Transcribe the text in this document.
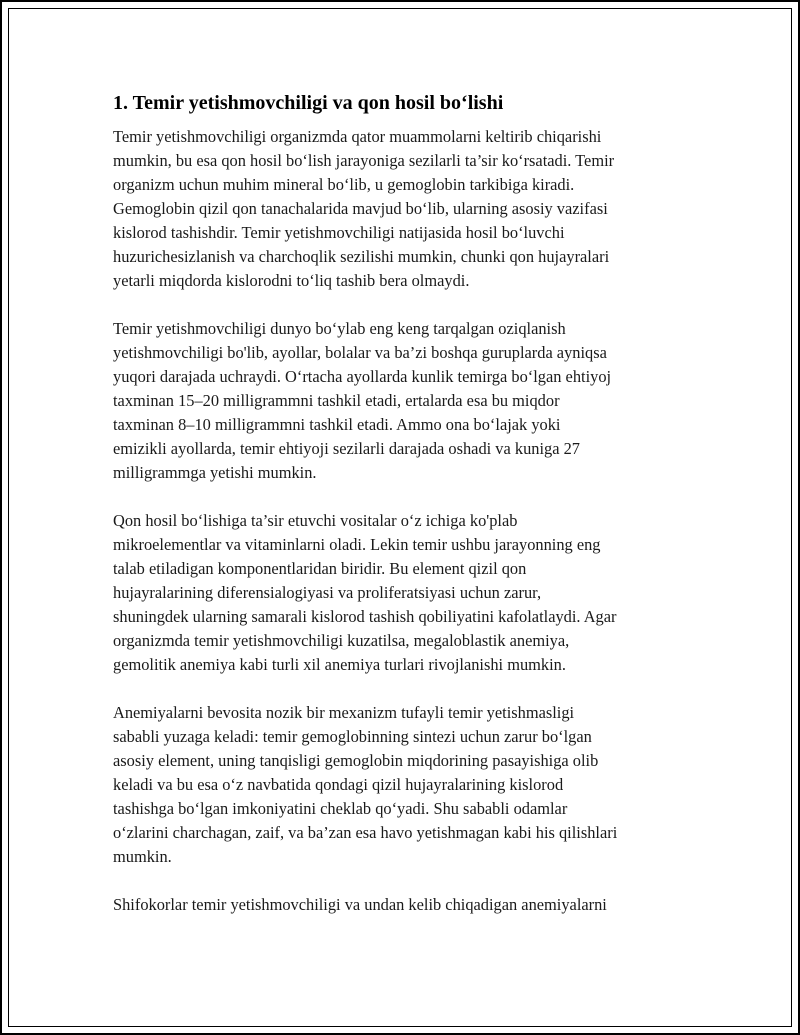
1. Temir yetishmovchiligi va qon hosil bo‘lishi

Temir yetishmovchiligi organizmda qator muammolarni keltirib chiqarishi
mumkin, bu esa qon hosil bo‘lish jarayoniga sezilarli ta’sir ko‘rsatadi. Temir
organizm uchun muhim mineral bo‘lib, u gemoglobin tarkibiga kiradi.
Gemoglobin qizil qon tanachalarida mavjud bo‘lib, ularning asosiy vazifasi
kislorod tashishdir. Temir yetishmovchiligi natijasida hosil bo‘luvchi
huzurichesizlanish va charchoqlik sezilishi mumkin, chunki qon hujayralari
yetarli miqdorda kislorodni to‘liq tashib bera olmaydi.

Temir yetishmovchiligi dunyo bo‘ylab eng keng tarqalgan oziqlanish
yetishmovchiligi bo'lib, ayollar, bolalar va ba’zi boshqa guruplarda ayniqsa
yuqori darajada uchraydi. O‘rtacha ayollarda kunlik temirga bo‘lgan ehtiyoj
taxminan 15–20 milligrammni tashkil etadi, ertalarda esa bu miqdor
taxminan 8–10 milligrammni tashkil etadi. Ammo ona bo‘lajak yoki
emizikli ayollarda, temir ehtiyoji sezilarli darajada oshadi va kuniga 27
milligrammga yetishi mumkin.

Qon hosil bo‘lishiga ta’sir etuvchi vositalar o‘z ichiga ko'plab
mikroelementlar va vitaminlarni oladi. Lekin temir ushbu jarayonning eng
talab etiladigan komponentlaridan biridir. Bu element qizil qon
hujayralarining diferensialogiyasi va proliferatsiyasi uchun zarur,
shuningdek ularning samarali kislorod tashish qobiliyatini kafolatlaydi. Agar
organizmda temir yetishmovchiligi kuzatilsa, megaloblastik anemiya,
gemolitik anemiya kabi turli xil anemiya turlari rivojlanishi mumkin.

Anemiyalarni bevosita nozik bir mexanizm tufayli temir yetishmasligi
sababli yuzaga keladi: temir gemoglobinning sintezi uchun zarur bo‘lgan
asosiy element, uning tanqisligi gemoglobin miqdorining pasayishiga olib
keladi va bu esa o‘z navbatida qondagi qizil hujayralarining kislorod
tashishga bo‘lgan imkoniyatini cheklab qo‘yadi. Shu sababli odamlar
o‘zlarini charchagan, zaif, va ba’zan esa havo yetishmagan kabi his qilishlari
mumkin.

Shifokorlar temir yetishmovchiligi va undan kelib chiqadigan anemiyalarni
